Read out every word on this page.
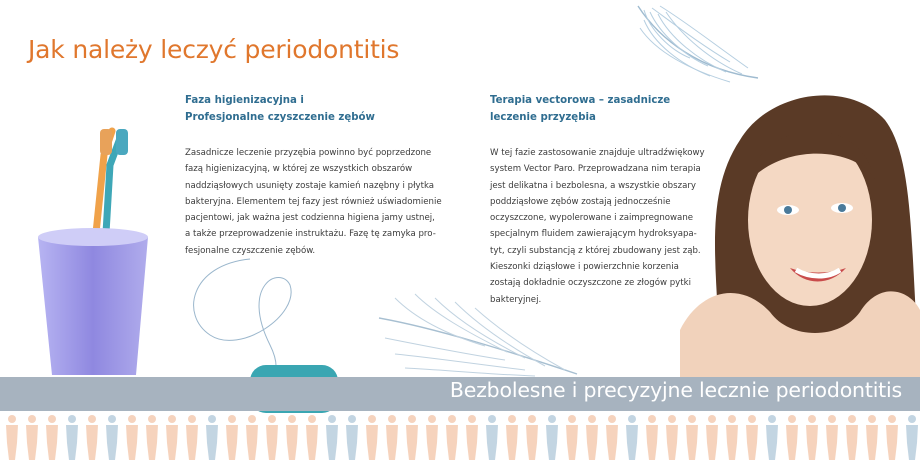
Jak należy leczyć periodontitis
Faza higienizacyjna i
Profesjonalne czyszczenie zębów

Zasadnicze leczenie przyzębia powinno być poprzedzone
fazą higienizacyjną, w której ze wszystkich obszarów
naddziąsłowych usunięty zostaje kamień nazębny i płytka
bakteryjna. Elementem tej fazy jest również uświadomienie
pacjentowi, jak ważna jest codzienna higiena jamy ustnej,
a także przeprowadzenie instruktażu. Fazę tę zamyka pro-
fesjonalne czyszczenie zębów.

Terapia vectorowa – zasadnicze
leczenie przyzębia

W tej fazie zastosowanie znajduje ultradźwiękowy
system Vector Paro. Przeprowadzana nim terapia
jest delikatna i bezbolesna, a wszystkie obszary
poddziąsłowe zębów zostają jednocześnie
oczyszczone, wypolerowane i zaimpregnowane
specjalnym fluidem zawierającym hydroksyapa-
tyt, czyli substancją z której zbudowany jest ząb.
Kieszonki dziąsłowe i powierzchnie korzenia
zostają dokładnie oczyszczone ze złogów pytki
bakteryjnej.

Bezbolesne i precyzyjne lecznie periodontitis
